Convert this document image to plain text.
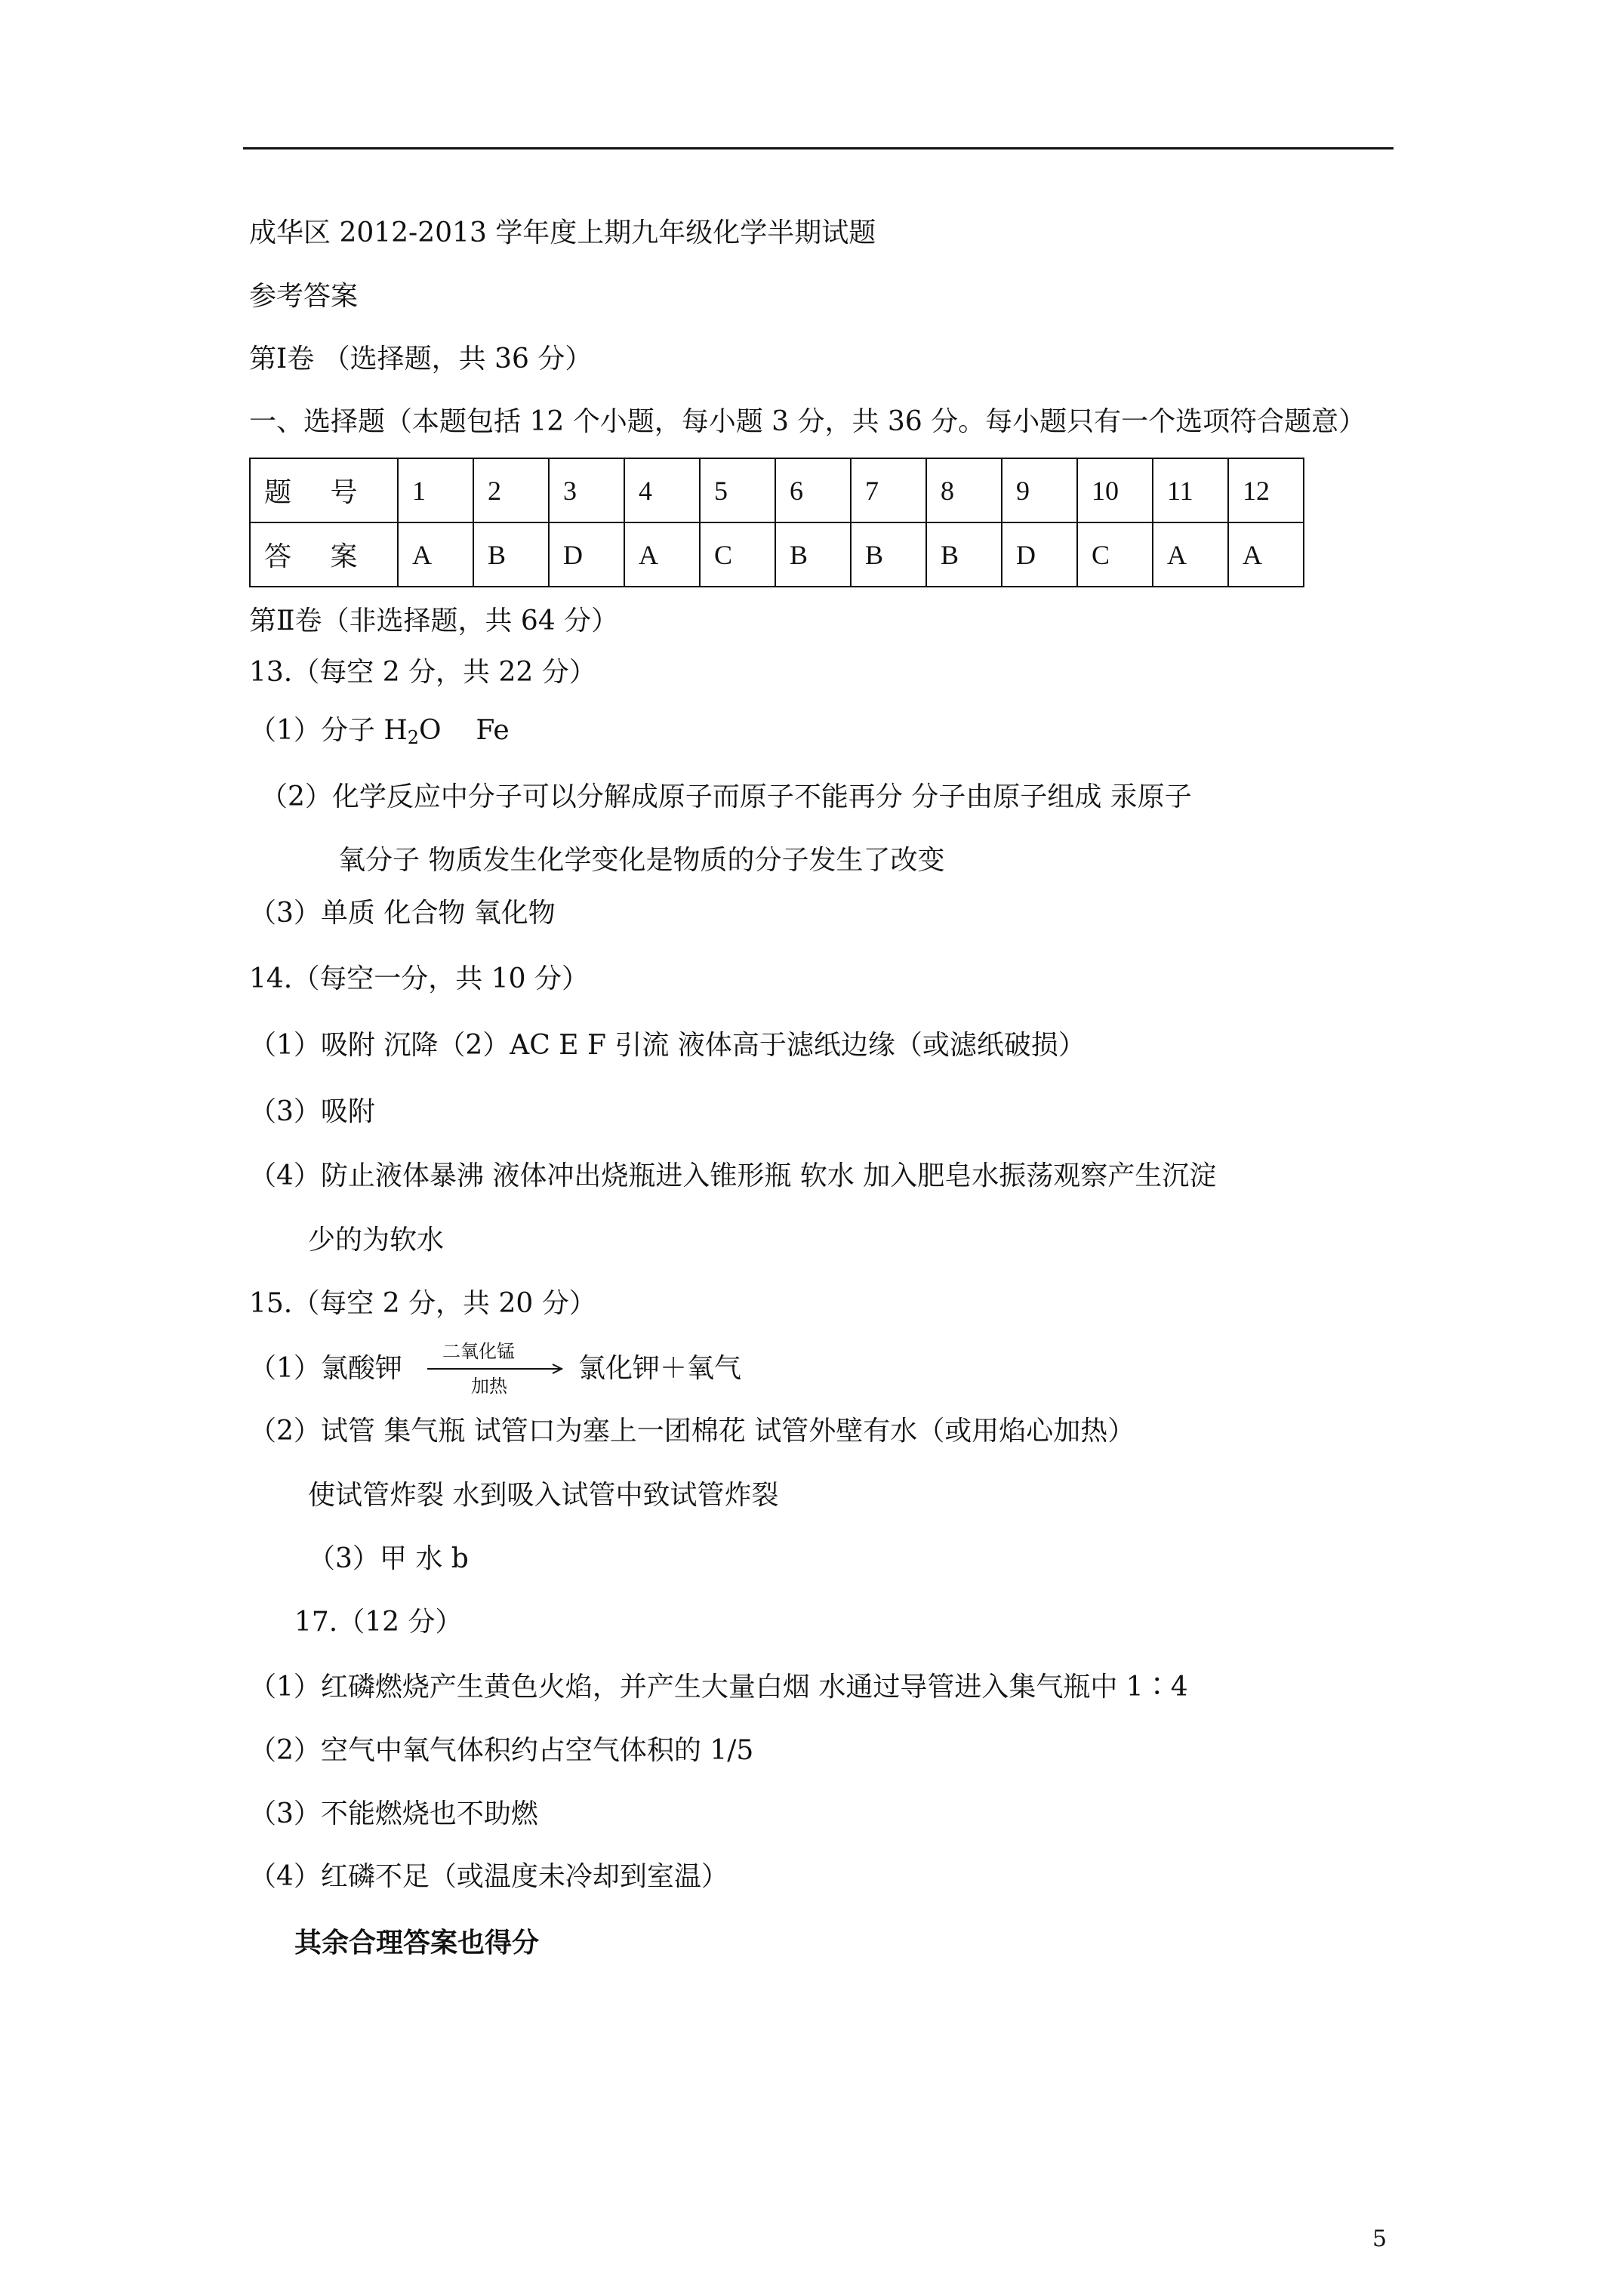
成华区 2012-2013 学年度上期九年级化学半期试题
参考答案
第Ⅰ卷 （选择题，共 36 分）
一、选择题（本题包括 12 个小题，每小题 3 分，共 36 分。每小题只有一个选项符合题意）
题 号	1	2	3	4	5	6	7	8	9	10	11	12
答 案	A	B	D	A	C	B	B	B	D	C	A	A
第Ⅱ卷（非选择题，共 64 分）
13.（每空 2 分，共 22 分）
（1）分子 $H_2O$ Fe
（2）化学反应中分子可以分解成原子而原子不能再分 分子由原子组成 汞原子
氧分子 物质发生化学变化是物质的分子发生了改变
（3）单质 化合物 氧化物
14.（每空一分，共 10 分）
（1）吸附 沉降（2）AC E F 引流 液体高于滤纸边缘（或滤纸破损）
（3）吸附
（4）防止液体暴沸 液体冲出烧瓶进入锥形瓶 软水 加入肥皂水振荡观察产生沉淀
少的为软水
15.（每空 2 分，共 20 分）
（1）氯酸钾
二氧化锰
加热
氯化钾＋氧气
（2）试管 集气瓶 试管口为塞上一团棉花 试管外壁有水（或用焰心加热）
使试管炸裂 水到吸入试管中致试管炸裂
（3）甲 水 b
17.（12 分）
（1）红磷燃烧产生黄色火焰，并产生大量白烟 水通过导管进入集气瓶中 1∶4
（2）空气中氧气体积约占空气体积的 1/5
（3）不能燃烧也不助燃
（4）红磷不足（或温度未冷却到室温）
其余合理答案也得分
5
